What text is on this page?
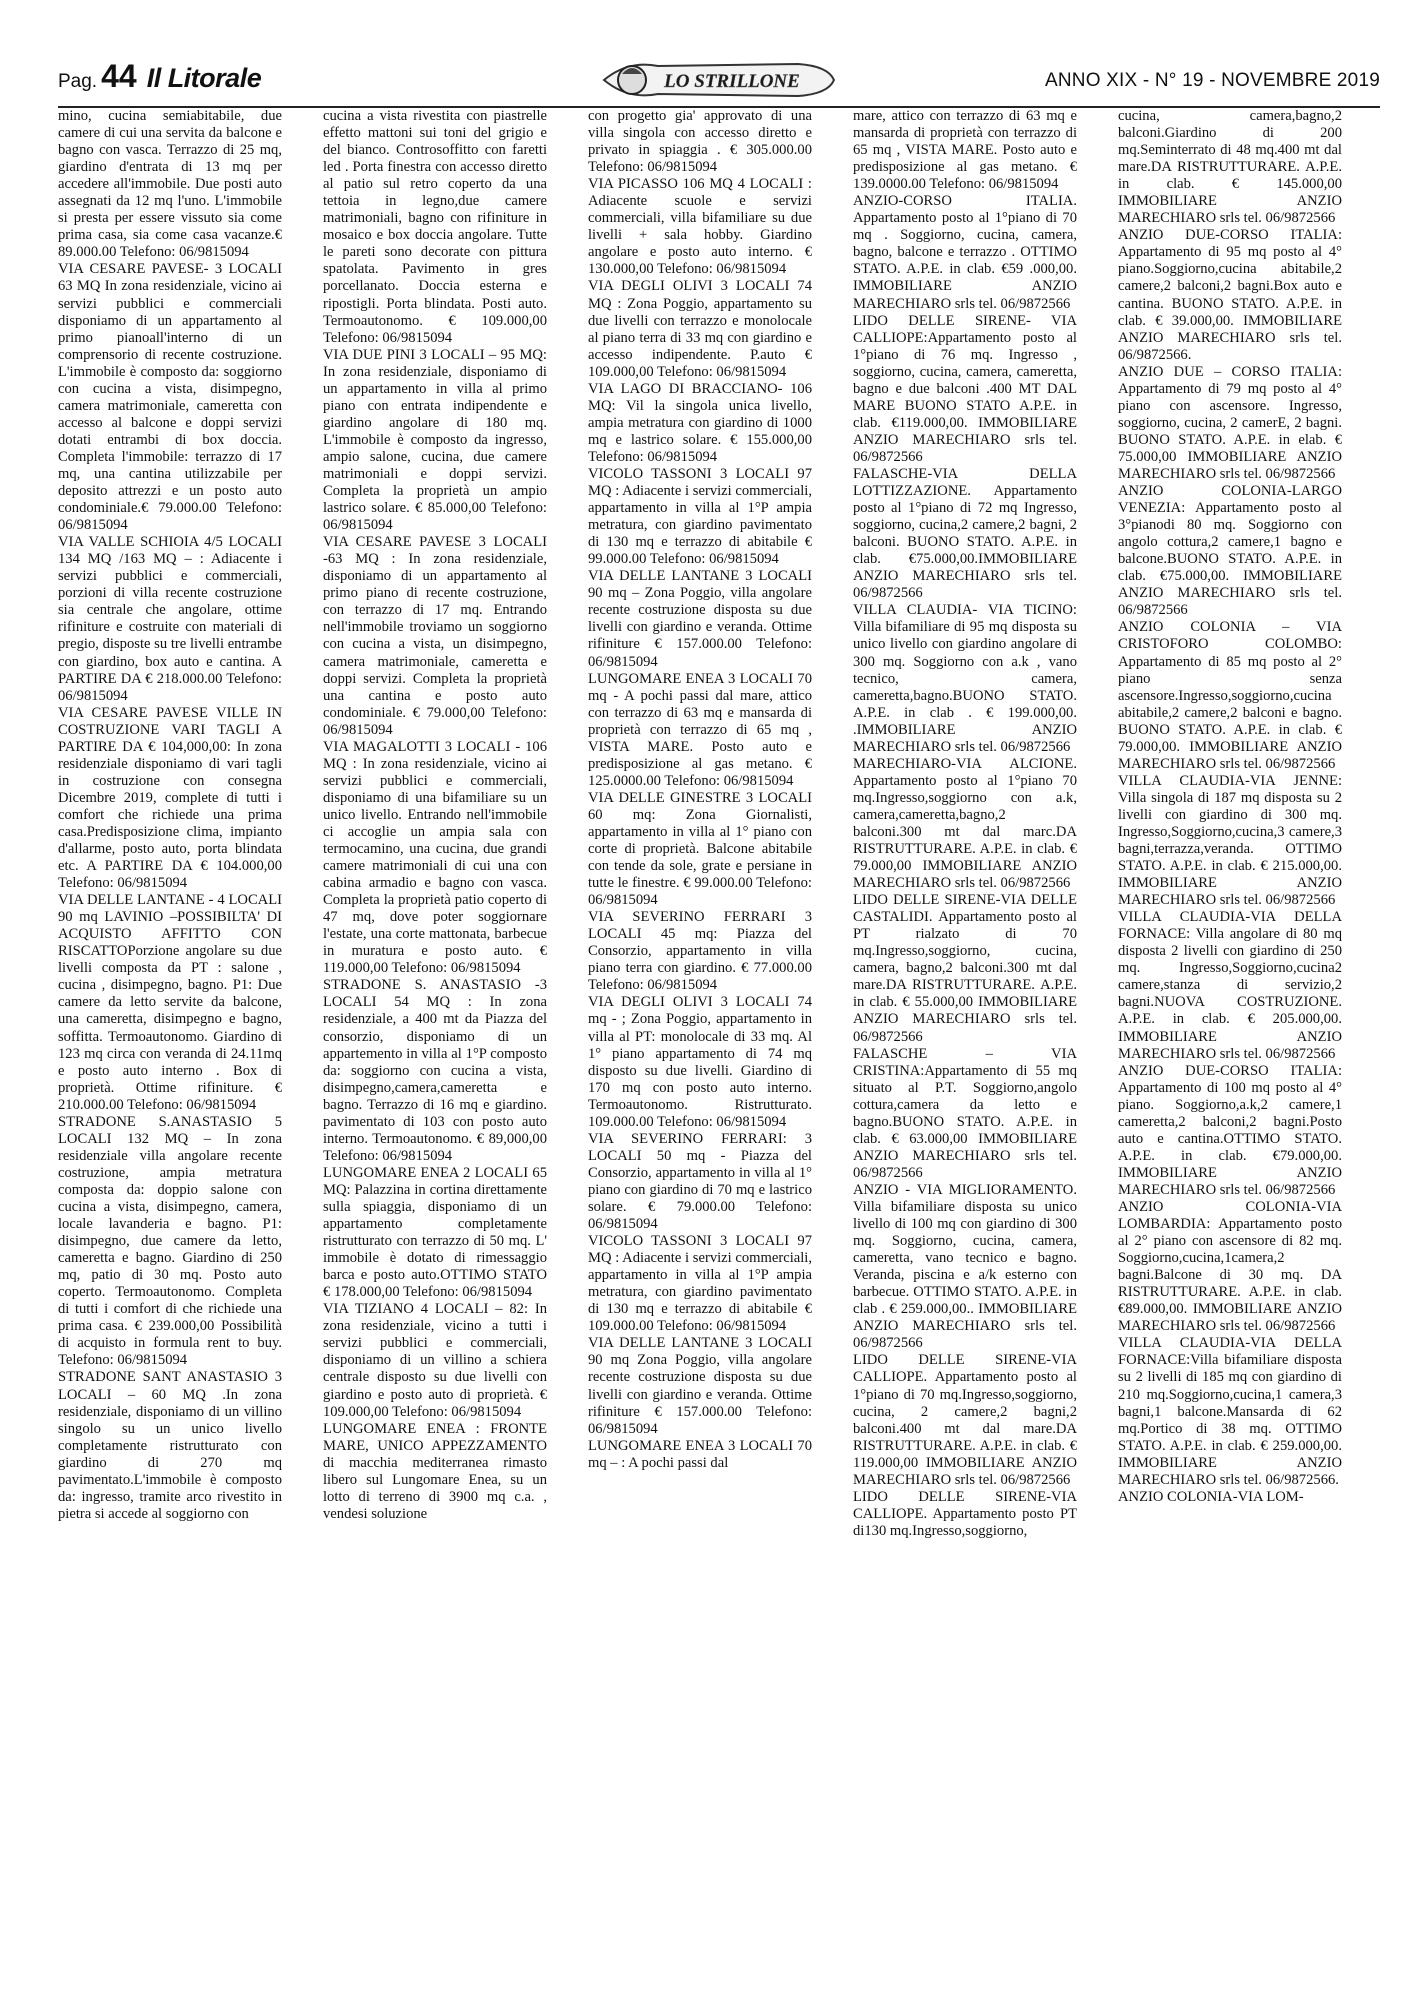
Pag. 44 Il Litorale	LO STRILLONE	ANNO XIX - N° 19 - NOVEMBRE 2019

mino, cucina semiabitabile, due camere di cui una servita da balcone e bagno con vasca. Terrazzo di 25 mq, giardino d'entrata di 13 mq per accedere all'immobile. Due posti auto assegnati da 12 mq l'uno. L'immobile si presta per essere vissuto sia come prima casa, sia come casa vacanze.€ 89.000.00 Telefono: 06/9815094

VIA CESARE PAVESE- 3 LOCALI 63 MQ In zona residenziale, vicino ai servizi pubblici e commerciali disponiamo di un appartamento al primo pianoall'interno di un comprensorio di recente costruzione. L'immobile è composto da: soggiorno con cucina a vista, disimpegno, camera matrimoniale, cameretta con accesso al balcone e doppi servizi dotati entrambi di box doccia. Completa l'immobile: terrazzo di 17 mq, una cantina utilizzabile per deposito attrezzi e un posto auto condominiale.€ 79.000.00 Telefono: 06/9815094

VIA VALLE SCHIOIA 4/5 LOCALI 134 MQ /163 MQ – : Adiacente i servizi pubblici e commerciali, porzioni di villa recente costruzione sia centrale che angolare, ottime rifiniture e costruite con materiali di pregio, disposte su tre livelli entrambe con giardino, box auto e cantina. A PARTIRE DA € 218.000.00 Telefono: 06/9815094

VIA CESARE PAVESE VILLE IN COSTRUZIONE VARI TAGLI A PARTIRE DA € 104,000,00: In zona residenziale disponiamo di vari tagli in costruzione con consegna Dicembre 2019, complete di tutti i comfort che richiede una prima casa.Predisposizione clima, impianto d'allarme, posto auto, porta blindata etc. A PARTIRE DA € 104.000,00 Telefono: 06/9815094

VIA DELLE LANTANE - 4 LOCALI 90 mq LAVINIO –POSSIBILTA' DI ACQUISTO AFFITTO CON RISCATTOPorzione angolare su due livelli composta da PT : salone , cucina , disimpegno, bagno. P1: Due camere da letto servite da balcone, una cameretta, disimpegno e bagno, soffitta. Termoautonomo. Giardino di 123 mq circa con veranda di 24.11mq e posto auto interno . Box di proprietà. Ottime rifiniture. € 210.000.00 Telefono: 06/9815094

STRADONE S.ANASTASIO 5 LOCALI 132 MQ – In zona residenziale villa angolare recente costruzione, ampia metratura composta da: doppio salone con cucina a vista, disimpegno, camera, locale lavanderia e bagno. P1: disimpegno, due camere da letto, cameretta e bagno. Giardino di 250 mq, patio di 30 mq. Posto auto coperto. Termoautonomo. Completa di tutti i comfort di che richiede una prima casa. € 239.000,00 Possibilità di acquisto in formula rent to buy. Telefono: 06/9815094

STRADONE SANT ANASTASIO 3 LOCALI – 60 MQ .In zona residenziale, disponiamo di un villino singolo su un unico livello completamente ristrutturato con giardino di 270 mq pavimentato.L'immobile è composto da: ingresso, tramite arco rivestito in pietra si accede al soggiorno con

cucina a vista rivestita con piastrelle effetto mattoni sui toni del grigio e del bianco. Controsoffitto con faretti led . Porta finestra con accesso diretto al patio sul retro coperto da una tettoia in legno,due camere matrimoniali, bagno con rifiniture in mosaico e box doccia angolare. Tutte le pareti sono decorate con pittura spatolata. Pavimento in gres porcellanato. Doccia esterna e ripostigli. Porta blindata. Posti auto. Termoautonomo. € 109.000,00 Telefono: 06/9815094

VIA DUE PINI 3 LOCALI – 95 MQ: In zona residenziale, disponiamo di un appartamento in villa al primo piano con entrata indipendente e giardino angolare di 180 mq. L'immobile è composto da ingresso, ampio salone, cucina, due camere matrimoniali e doppi servizi. Completa la proprietà un ampio lastrico solare. € 85.000,00 Telefono: 06/9815094

VIA CESARE PAVESE 3 LOCALI -63 MQ : In zona residenziale, disponiamo di un appartamento al primo piano di recente costruzione, con terrazzo di 17 mq. Entrando nell'immobile troviamo un soggiorno con cucina a vista, un disimpegno, camera matrimoniale, cameretta e doppi servizi. Completa la proprietà una cantina e posto auto condominiale. € 79.000,00 Telefono: 06/9815094

VIA MAGALOTTI 3 LOCALI - 106 MQ : In zona residenziale, vicino ai servizi pubblici e commerciali, disponiamo di una bifamiliare su un unico livello. Entrando nell'immobile ci accoglie un ampia sala con termocamino, una cucina, due grandi camere matrimoniali di cui una con cabina armadio e bagno con vasca. Completa la proprietà patio coperto di 47 mq, dove poter soggiornare l'estate, una corte mattonata, barbecue in muratura e posto auto. € 119.000,00 Telefono: 06/9815094

STRADONE S. ANASTASIO -3 LOCALI 54 MQ : In zona residenziale, a 400 mt da Piazza del consorzio, disponiamo di un appartemento in villa al 1°P composto da: soggiorno con cucina a vista, disimpegno,camera,cameretta e bagno. Terrazzo di 16 mq e giardino. pavimentato di 103 con posto auto interno. Termoautonomo. € 89,000,00 Telefono: 06/9815094

LUNGOMARE ENEA 2 LOCALI 65 MQ: Palazzina in cortina direttamente sulla spiaggia, disponiamo di un appartamento completamente ristrutturato con terrazzo di 50 mq. L' immobile è dotato di rimessaggio barca e posto auto.OTTIMO STATO € 178.000,00 Telefono: 06/9815094

VIA TIZIANO 4 LOCALI – 82: In zona residenziale, vicino a tutti i servizi pubblici e commerciali, disponiamo di un villino a schiera centrale disposto su due livelli con giardino e posto auto di proprietà. € 109.000,00 Telefono: 06/9815094

LUNGOMARE ENEA : FRONTE MARE, UNICO APPEZZAMENTO di macchia mediterranea rimasto libero sul Lungomare Enea, su un lotto di terreno di 3900 mq c.a. , vendesi soluzione

con progetto gia' approvato di una villa singola con accesso diretto e privato in spiaggia . € 305.000.00 Telefono: 06/9815094

VIA PICASSO 106 MQ 4 LOCALI : Adiacente scuole e servizi commerciali, villa bifamiliare su due livelli + sala hobby. Giardino angolare e posto auto interno. € 130.000,00 Telefono: 06/9815094

VIA DEGLI OLIVI 3 LOCALI 74 MQ : Zona Poggio, appartamento su due livelli con terrazzo e monolocale al piano terra di 33 mq con giardino e accesso indipendente. P.auto € 109.000,00 Telefono: 06/9815094

VIA LAGO DI BRACCIANO- 106 MQ: Vil la singola unica livello, ampia metratura con giardino di 1000 mq e lastrico solare. € 155.000,00 Telefono: 06/9815094

VICOLO TASSONI 3 LOCALI 97 MQ : Adiacente i servizi commerciali, appartamento in villa al 1°P ampia metratura, con giardino pavimentato di 130 mq e terrazzo di abitabile € 99.000.00 Telefono: 06/9815094

VIA DELLE LANTANE 3 LOCALI 90 mq – Zona Poggio, villa angolare recente costruzione disposta su due livelli con giardino e veranda. Ottime rifiniture € 157.000.00 Telefono: 06/9815094

LUNGOMARE ENEA 3 LOCALI 70 mq - A pochi passi dal mare, attico con terrazzo di 63 mq e mansarda di proprietà con terrazzo di 65 mq , VISTA MARE. Posto auto e predisposizione al gas metano. € 125.0000.00 Telefono: 06/9815094

VIA DELLE GINESTRE 3 LOCALI 60 mq: Zona Giornalisti, appartamento in villa al 1° piano con corte di proprietà. Balcone abitabile con tende da sole, grate e persiane in tutte le finestre. € 99.000.00 Telefono: 06/9815094

VIA SEVERINO FERRARI 3 LOCALI 45 mq: Piazza del Consorzio, appartamento in villa piano terra con giardino. € 77.000.00 Telefono: 06/9815094

VIA DEGLI OLIVI 3 LOCALI 74 mq - ; Zona Poggio, appartamento in villa al PT: monolocale di 33 mq. Al 1° piano appartamento di 74 mq disposto su due livelli. Giardino di 170 mq con posto auto interno. Termoautonomo. Ristrutturato. 109.000.00 Telefono: 06/9815094

VIA SEVERINO FERRARI: 3 LOCALI 50 mq - Piazza del Consorzio, appartamento in villa al 1° piano con giardino di 70 mq e lastrico solare. € 79.000.00 Telefono: 06/9815094

VICOLO TASSONI 3 LOCALI 97 MQ : Adiacente i servizi commerciali, appartamento in villa al 1°P ampia metratura, con giardino pavimentato di 130 mq e terrazzo di abitabile € 109.000.00 Telefono: 06/9815094

VIA DELLE LANTANE 3 LOCALI 90 mq Zona Poggio, villa angolare recente costruzione disposta su due livelli con giardino e veranda. Ottime rifiniture € 157.000.00 Telefono: 06/9815094

LUNGOMARE ENEA 3 LOCALI 70 mq – : A pochi passi dal

mare, attico con terrazzo di 63 mq e mansarda di proprietà con terrazzo di 65 mq , VISTA MARE. Posto auto e predisposizione al gas metano. € 139.0000.00 Telefono: 06/9815094

ANZIO-CORSO ITALIA. Appartamento posto al 1°piano di 70 mq . Soggiorno, cucina, camera, bagno, balcone e terrazzo . OTTIMO STATO. A.P.E. in clab. €59 .000,00. IMMOBILIARE ANZIO MARECHIARO srls tel. 06/9872566

LIDO DELLE SIRENE- VIA CALLIOPE:Appartamento posto al 1°piano di 76 mq. Ingresso , soggiorno, cucina, camera, cameretta, bagno e due balconi .400 MT DAL MARE BUONO STATO A.P.E. in clab. €119.000,00. IMMOBILIARE ANZIO MARECHIARO srls tel. 06/9872566

FALASCHE-VIA DELLA LOTTIZZAZIONE. Appartamento posto al 1°piano di 72 mq Ingresso, soggiorno, cucina,2 camere,2 bagni, 2 balconi. BUONO STATO. A.P.E. in clab. €75.000,00.IMMOBILIARE ANZIO MARECHIARO srls tel. 06/9872566

VILLA CLAUDIA- VIA TICINO: Villa bifamiliare di 95 mq disposta su unico livello con giardino angolare di 300 mq. Soggiorno con a.k , vano tecnico, camera, cameretta,bagno.BUONO STATO. A.P.E. in clab . € 199.000,00. .IMMOBILIARE ANZIO MARECHIARO srls tel. 06/9872566

MARECHIARO-VIA ALCIONE. Appartamento posto al 1°piano 70 mq.Ingresso,soggiorno con a.k, camera,cameretta,bagno,2 balconi.300 mt dal marc.DA RISTRUTTURARE. A.P.E. in clab. € 79.000,00 IMMOBILIARE ANZIO MARECHIARO srls tel. 06/9872566

LIDO DELLE SIRENE-VIA DELLE CASTALIDI. Appartamento posto al PT rialzato di 70 mq.Ingresso,soggiorno, cucina, camera, bagno,2 balconi.300 mt dal mare.DA RISTRUTTURARE. A.P.E. in clab. € 55.000,00 IMMOBILIARE ANZIO MARECHIARO srls tel. 06/9872566

FALASCHE – VIA CRISTINA:Appartamento di 55 mq situato al P.T. Soggiorno,angolo cottura,camera da letto e bagno.BUONO STATO. A.P.E. in clab. € 63.000,00 IMMOBILIARE ANZIO MARECHIARO srls tel. 06/9872566

ANZIO - VIA MIGLIORAMENTO. Villa bifamiliare disposta su unico livello di 100 mq con giardino di 300 mq. Soggiorno, cucina, camera, cameretta, vano tecnico e bagno. Veranda, piscina e a/k esterno con barbecue. OTTIMO STATO. A.P.E. in clab . € 259.000,00.. IMMOBILIARE ANZIO MARECHIARO srls tel. 06/9872566

LIDO DELLE SIRENE-VIA CALLIOPE. Appartamento posto al 1°piano di 70 mq.Ingresso,soggiorno, cucina, 2 camere,2 bagni,2 balconi.400 mt dal mare.DA RISTRUTTURARE. A.P.E. in clab. € 119.000,00 IMMOBILIARE ANZIO MARECHIARO srls tel. 06/9872566

LIDO DELLE SIRENE-VIA CALLIOPE. Appartamento posto PT di130 mq.Ingresso,soggiorno,

cucina, camera,bagno,2 balconi.Giardino di 200 mq.Seminterrato di 48 mq.400 mt dal mare.DA RISTRUTTURARE. A.P.E. in clab. € 145.000,00 IMMOBILIARE ANZIO MARECHIARO srls tel. 06/9872566

ANZIO DUE-CORSO ITALIA: Appartamento di 95 mq posto al 4° piano.Soggiorno,cucina abitabile,2 camere,2 balconi,2 bagni.Box auto e cantina. BUONO STATO. A.P.E. in clab. € 39.000,00. IMMOBILIARE ANZIO MARECHIARO srls tel. 06/9872566.

ANZIO DUE – CORSO ITALIA: Appartamento di 79 mq posto al 4° piano con ascensore. Ingresso, soggiorno, cucina, 2 camerE, 2 bagni. BUONO STATO. A.P.E. in elab. € 75.000,00 IMMOBILIARE ANZIO MARECHIARO srls tel. 06/9872566

ANZIO COLONIA-LARGO VENEZIA: Appartamento posto al 3°pianodi 80 mq. Soggiorno con angolo cottura,2 camere,1 bagno e balcone.BUONO STATO. A.P.E. in clab. €75.000,00. IMMOBILIARE ANZIO MARECHIARO srls tel. 06/9872566

ANZIO COLONIA – VIA CRISTOFORO COLOMBO: Appartamento di 85 mq posto al 2° piano senza ascensore.Ingresso,soggiorno,cucina abitabile,2 camere,2 balconi e bagno. BUONO STATO. A.P.E. in clab. € 79.000,00. IMMOBILIARE ANZIO MARECHIARO srls tel. 06/9872566

VILLA CLAUDIA-VIA JENNE: Villa singola di 187 mq disposta su 2 livelli con giardino di 300 mq. Ingresso,Soggiorno,cucina,3 camere,3 bagni,terrazza,veranda. OTTIMO STATO. A.P.E. in clab. € 215.000,00. IMMOBILIARE ANZIO MARECHIARO srls tel. 06/9872566

VILLA CLAUDIA-VIA DELLA FORNACE: Villa angolare di 80 mq disposta 2 livelli con giardino di 250 mq. Ingresso,Soggiorno,cucina2 camere,stanza di servizio,2 bagni.NUOVA COSTRUZIONE. A.P.E. in clab. € 205.000,00. IMMOBILIARE ANZIO MARECHIARO srls tel. 06/9872566

ANZIO DUE-CORSO ITALIA: Appartamento di 100 mq posto al 4° piano. Soggiorno,a.k,2 camere,1 cameretta,2 balconi,2 bagni.Posto auto e cantina.OTTIMO STATO. A.P.E. in clab. €79.000,00. IMMOBILIARE ANZIO MARECHIARO srls tel. 06/9872566

ANZIO COLONIA-VIA LOMBARDIA: Appartamento posto al 2° piano con ascensore di 82 mq. Soggiorno,cucina,1camera,2 bagni.Balcone di 30 mq. DA RISTRUTTURARE. A.P.E. in clab. €89.000,00. IMMOBILIARE ANZIO MARECHIARO srls tel. 06/9872566

VILLA CLAUDIA-VIA DELLA FORNACE:Villa bifamiliare disposta su 2 livelli di 185 mq con giardino di 210 mq.Soggiorno,cucina,1 camera,3 bagni,1 balcone.Mansarda di 62 mq.Portico di 38 mq. OTTIMO STATO. A.P.E. in clab. € 259.000,00. IMMOBILIARE ANZIO MARECHIARO srls tel. 06/9872566.

ANZIO COLONIA-VIA LOM-
